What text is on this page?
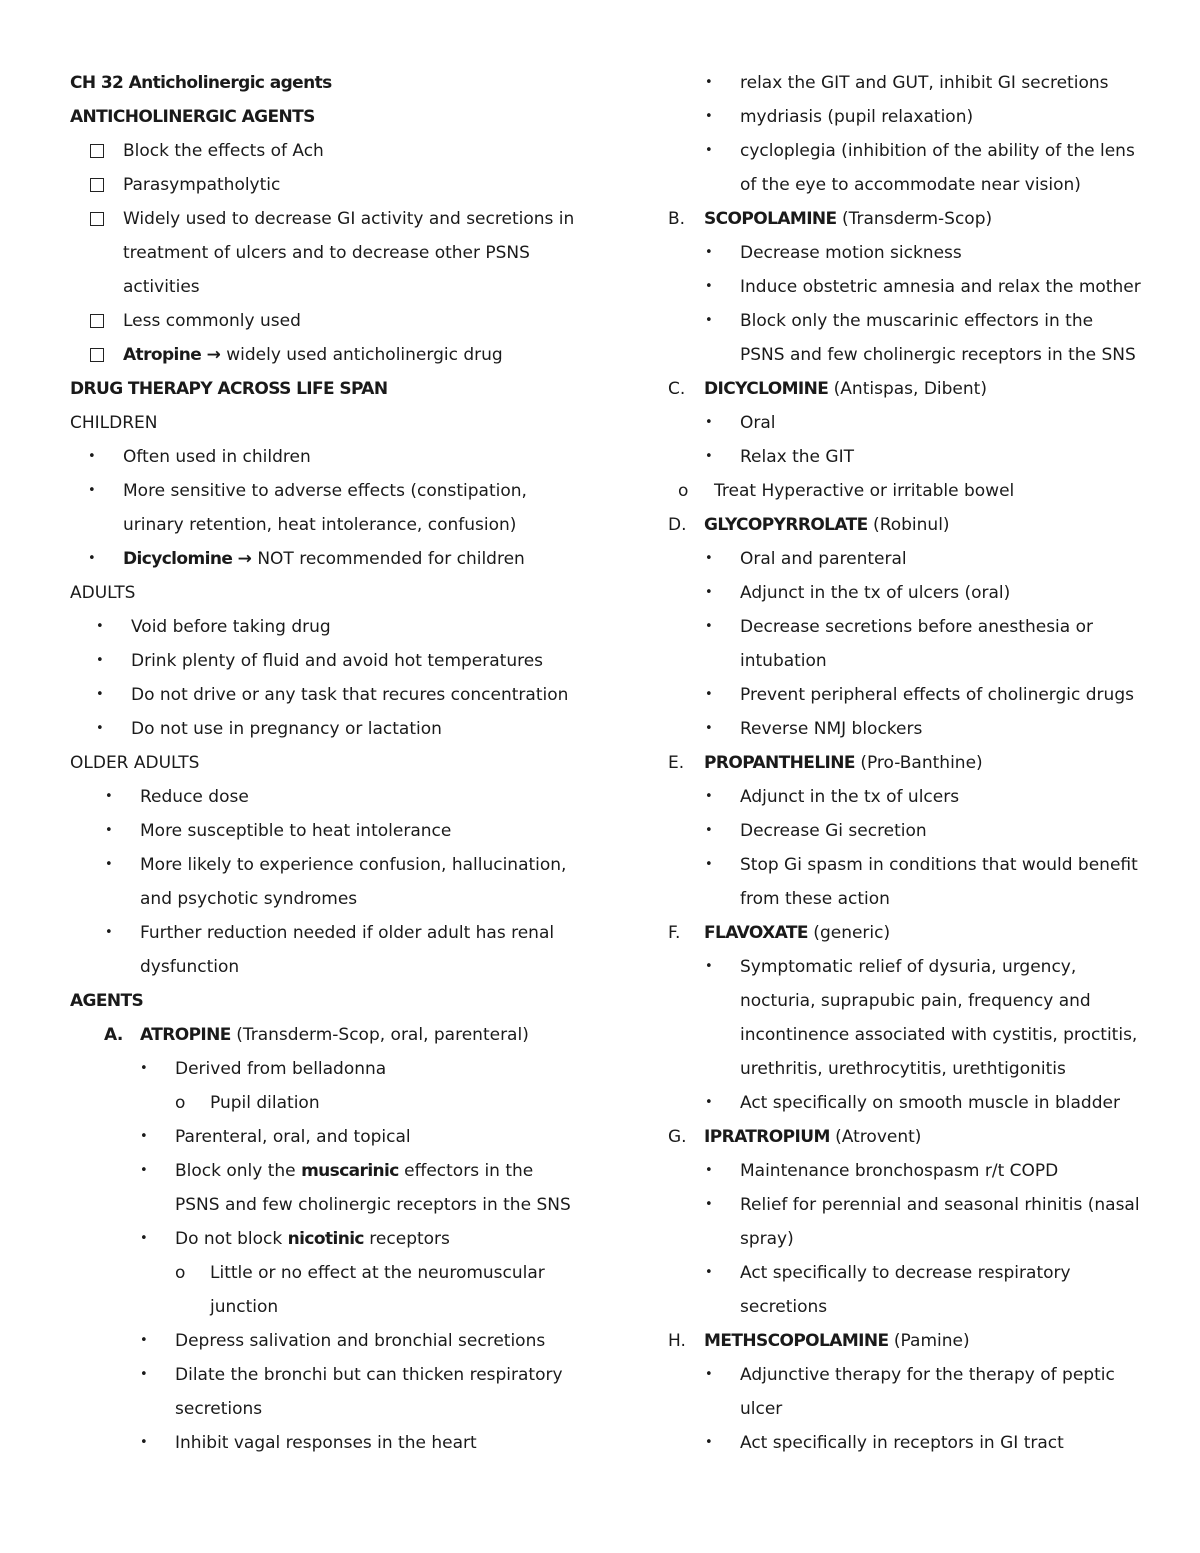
CH 32 Anticholinergic agents
ANTICHOLINERGIC AGENTS
Block the effects of Ach
Parasympatholytic
Widely used to decrease GI activity and secretions in
treatment of ulcers and to decrease other PSNS
activities
Less commonly used
Atropine → widely used anticholinergic drug
DRUG THERAPY ACROSS LIFE SPAN
CHILDREN
• Often used in children
• More sensitive to adverse effects (constipation,
urinary retention, heat intolerance, confusion)
• Dicyclomine → NOT recommended for children
ADULTS
• Void before taking drug
• Drink plenty of fluid and avoid hot temperatures
• Do not drive or any task that recures concentration
• Do not use in pregnancy or lactation
OLDER ADULTS
• Reduce dose
• More susceptible to heat intolerance
• More likely to experience confusion, hallucination,
and psychotic syndromes
• Further reduction needed if older adult has renal
dysfunction
AGENTS
A. ATROPINE (Transderm-Scop, oral, parenteral)
• Derived from belladonna
o Pupil dilation
• Parenteral, oral, and topical
• Block only the muscarinic effectors in the
PSNS and few cholinergic receptors in the SNS
• Do not block nicotinic receptors
o Little or no effect at the neuromuscular
junction
• Depress salivation and bronchial secretions
• Dilate the bronchi but can thicken respiratory
secretions
• Inhibit vagal responses in the heart
• relax the GIT and GUT, inhibit GI secretions
• mydriasis (pupil relaxation)
• cycloplegia (inhibition of the ability of the lens
of the eye to accommodate near vision)
B. SCOPOLAMINE (Transderm-Scop)
• Decrease motion sickness
• Induce obstetric amnesia and relax the mother
• Block only the muscarinic effectors in the
PSNS and few cholinergic receptors in the SNS
C. DICYCLOMINE (Antispas, Dibent)
• Oral
• Relax the GIT
o Treat Hyperactive or irritable bowel
D. GLYCOPYRROLATE (Robinul)
• Oral and parenteral
• Adjunct in the tx of ulcers (oral)
• Decrease secretions before anesthesia or
intubation
• Prevent peripheral effects of cholinergic drugs
• Reverse NMJ blockers
E. PROPANTHELINE (Pro-Banthine)
• Adjunct in the tx of ulcers
• Decrease Gi secretion
• Stop Gi spasm in conditions that would benefit
from these action
F. FLAVOXATE (generic)
• Symptomatic relief of dysuria, urgency,
nocturia, suprapubic pain, frequency and
incontinence associated with cystitis, proctitis,
urethritis, urethrocytitis, urethtigonitis
• Act specifically on smooth muscle in bladder
G. IPRATROPIUM (Atrovent)
• Maintenance bronchospasm r/t COPD
• Relief for perennial and seasonal rhinitis (nasal
spray)
• Act specifically to decrease respiratory
secretions
H. METHSCOPOLAMINE (Pamine)
• Adjunctive therapy for the therapy of peptic
ulcer
• Act specifically in receptors in GI tract
